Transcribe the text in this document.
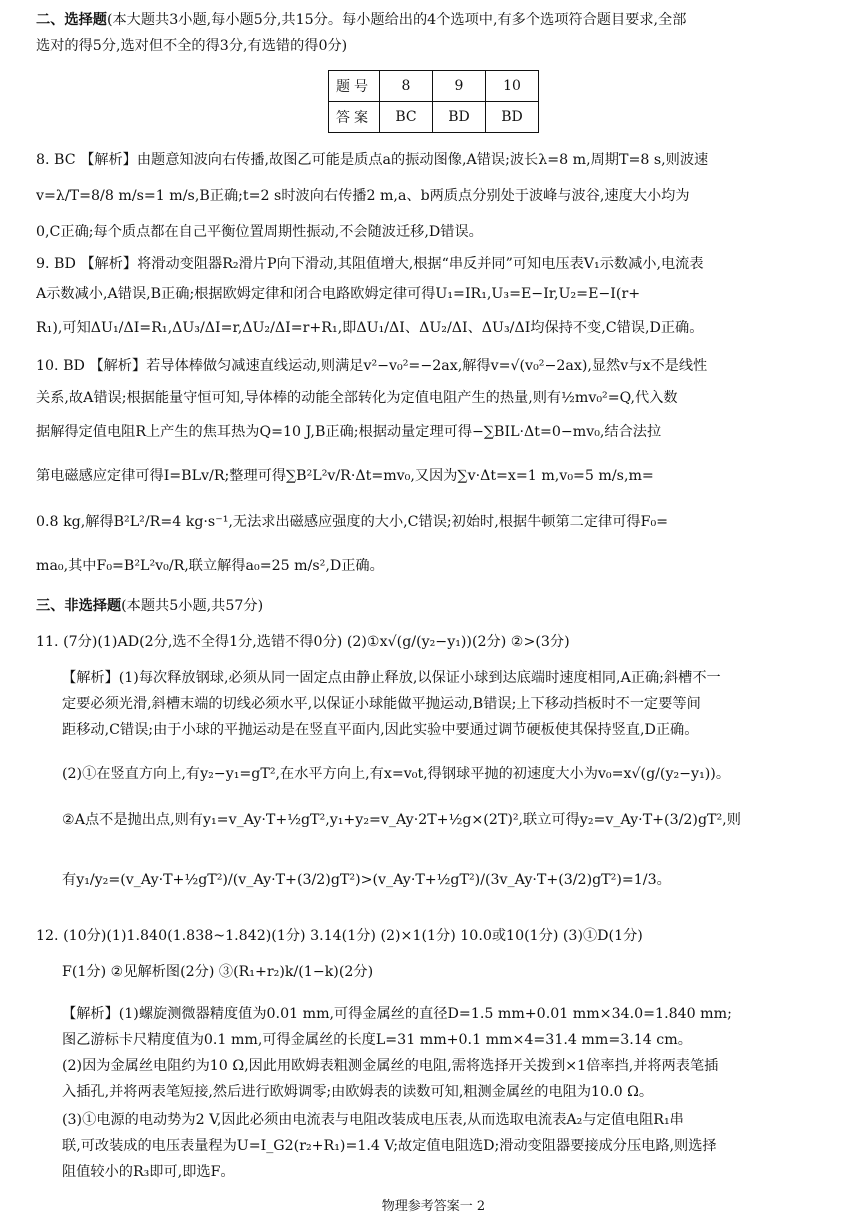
二、选择题(本大题共3小题,每小题5分,共15分。每小题给出的4个选项中,有多个选项符合题目要求,全部
选对的得5分,选对但不全的得3分,有选错的得0分)
题号	8	9	10
答案	BC	BD	BD
8. BC 【解析】由题意知波向右传播,故图乙可能是质点a的振动图像,A错误;波长λ=8 m,周期T=8 s,则波速
v=λ/T=8/8 m/s=1 m/s,B正确;t=2 s时波向右传播2 m,a、b两质点分别处于波峰与波谷,速度大小均为
0,C正确;每个质点都在自己平衡位置周期性振动,不会随波迁移,D错误。
9. BD 【解析】将滑动变阻器R₂滑片P向下滑动,其阻值增大,根据“串反并同”可知电压表V₁示数减小,电流表
A示数减小,A错误,B正确;根据欧姆定律和闭合电路欧姆定律可得U₁=IR₁,U₃=E−Ir,U₂=E−I(r+
R₁),可知ΔU₁/ΔI=R₁,ΔU₃/ΔI=r,ΔU₂/ΔI=r+R₁,即ΔU₁/ΔI、ΔU₂/ΔI、ΔU₃/ΔI均保持不变,C错误,D正确。
10. BD 【解析】若导体棒做匀减速直线运动,则满足v²−v₀²=−2ax,解得v=√(v₀²−2ax),显然v与x不是线性
关系,故A错误;根据能量守恒可知,导体棒的动能全部转化为定值电阻产生的热量,则有½mv₀²=Q,代入数
据解得定值电阻R上产生的焦耳热为Q=10 J,B正确;根据动量定理可得−∑BIL·Δt=0−mv₀,结合法拉
第电磁感应定律可得I=BLv/R;整理可得∑B²L²v/R·Δt=mv₀,又因为∑v·Δt=x=1 m,v₀=5 m/s,m=
0.8 kg,解得B²L²/R=4 kg·s⁻¹,无法求出磁感应强度的大小,C错误;初始时,根据牛顿第二定律可得F₀=
ma₀,其中F₀=B²L²v₀/R,联立解得a₀=25 m/s²,D正确。
三、非选择题(本题共5小题,共57分)
11. (7分)(1)AD(2分,选不全得1分,选错不得0分) (2)①x√(g/(y₂−y₁))(2分) ②>(3分)
【解析】(1)每次释放钢球,必须从同一固定点由静止释放,以保证小球到达底端时速度相同,A正确;斜槽不一
定要必须光滑,斜槽末端的切线必须水平,以保证小球能做平抛运动,B错误;上下移动挡板时不一定要等间
距移动,C错误;由于小球的平抛运动是在竖直平面内,因此实验中要通过调节硬板使其保持竖直,D正确。
(2)①在竖直方向上,有y₂−y₁=gT²,在水平方向上,有x=v₀t,得钢球平抛的初速度大小为v₀=x√(g/(y₂−y₁))。
②A点不是抛出点,则有y₁=v_Ay·T+½gT²,y₁+y₂=v_Ay·2T+½g×(2T)²,联立可得y₂=v_Ay·T+(3/2)gT²,则
有y₁/y₂=(v_Ay·T+½gT²)/(v_Ay·T+(3/2)gT²)>(v_Ay·T+½gT²)/(3v_Ay·T+(3/2)gT²)=1/3。
12. (10分)(1)1.840(1.838~1.842)(1分) 3.14(1分) (2)×1(1分) 10.0或10(1分) (3)①D(1分)
F(1分) ②见解析图(2分) ③(R₁+r₂)k/(1−k)(2分)
【解析】(1)螺旋测微器精度值为0.01 mm,可得金属丝的直径D=1.5 mm+0.01 mm×34.0=1.840 mm;
图乙游标卡尺精度值为0.1 mm,可得金属丝的长度L=31 mm+0.1 mm×4=31.4 mm=3.14 cm。
(2)因为金属丝电阻约为10 Ω,因此用欧姆表粗测金属丝的电阻,需将选择开关拨到×1倍率挡,并将两表笔插
入插孔,并将两表笔短接,然后进行欧姆调零;由欧姆表的读数可知,粗测金属丝的电阻为10.0 Ω。
(3)①电源的电动势为2 V,因此必须由电流表与电阻改装成电压表,从而选取电流表A₂与定值电阻R₁串
联,可改装成的电压表量程为U=I_G2(r₂+R₁)=1.4 V;故定值电阻选D;滑动变阻器要接成分压电路,则选择
阻值较小的R₃即可,即选F。
物理参考答案一 2
